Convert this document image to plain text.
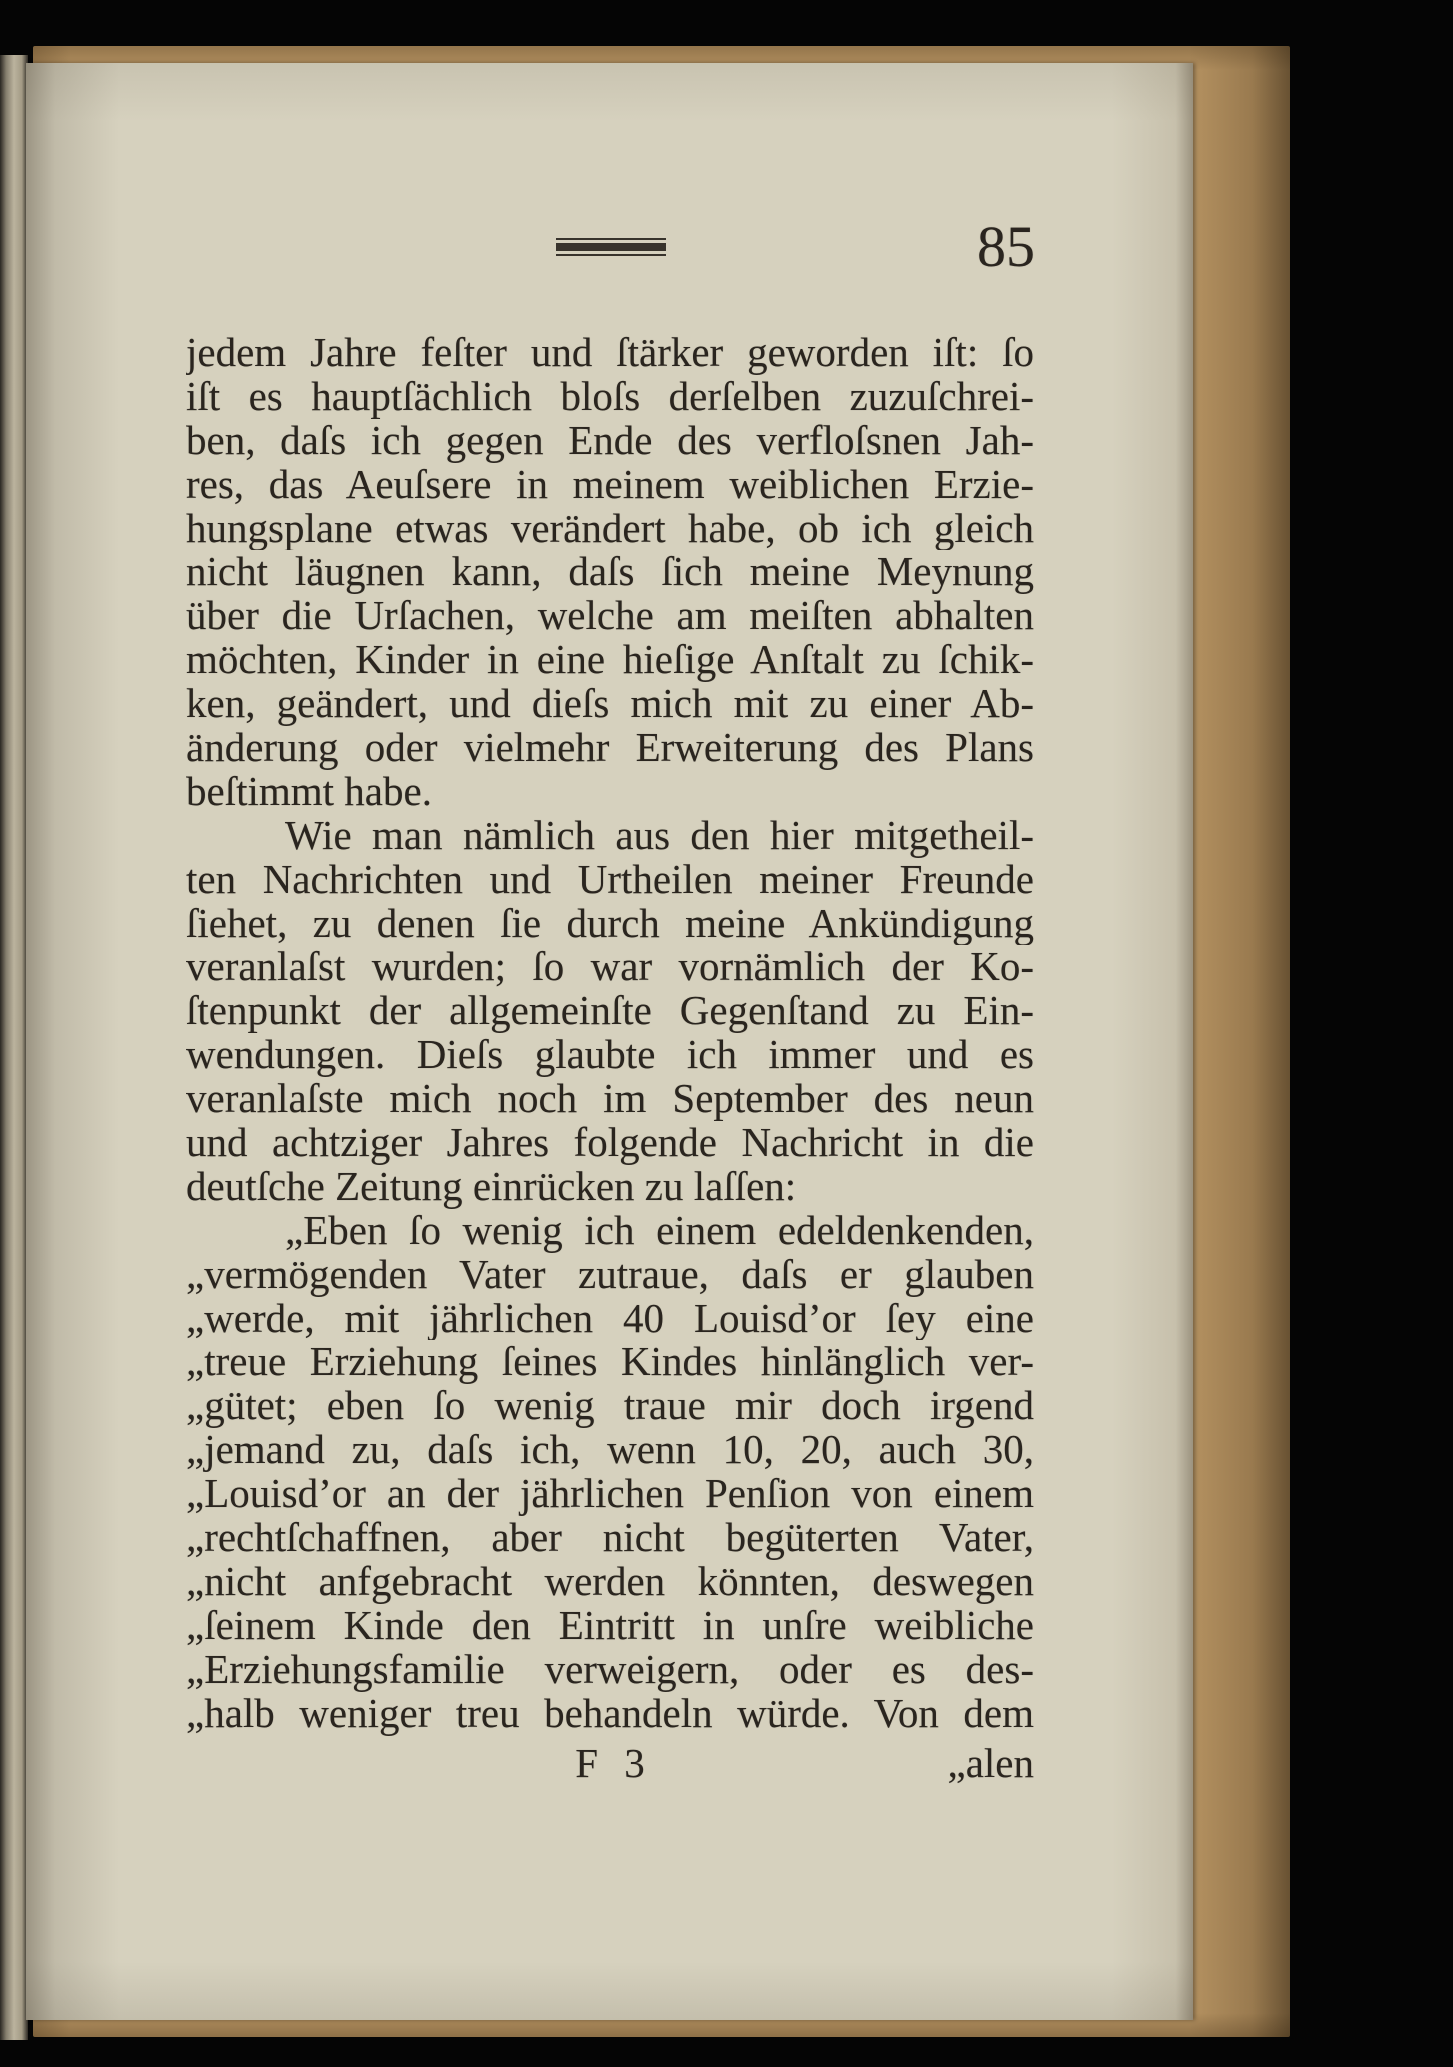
85
jedem Jahre feſter und ſtärker geworden iſt: ſo
iſt es hauptſächlich bloſs derſelben zuzuſchrei-
ben, daſs ich gegen Ende des verfloſsnen Jah-
res, das Aeuſsere in meinem weiblichen Erzie-
hungsplane etwas verändert habe, ob ich gleich
nicht läugnen kann, daſs ſich meine Meynung
über die Urſachen, welche am meiſten abhalten
möchten, Kinder in eine hieſige Anſtalt zu ſchik-
ken, geändert, und dieſs mich mit zu einer Ab-
änderung oder vielmehr Erweiterung des Plans
beſtimmt habe.
Wie man nämlich aus den hier mitgetheil-
ten Nachrichten und Urtheilen meiner Freunde
ſiehet, zu denen ſie durch meine Ankündigung
veranlaſst wurden; ſo war vornämlich der Ko-
ſtenpunkt der allgemeinſte Gegenſtand zu Ein-
wendungen. Dieſs glaubte ich immer und es
veranlaſste mich noch im September des neun
und achtziger Jahres folgende Nachricht in die
deutſche Zeitung einrücken zu laſſen:
„Eben ſo wenig ich einem edeldenkenden,
„vermögenden Vater zutraue, daſs er glauben
„werde, mit jährlichen 40 Louisd’or ſey eine
„treue Erziehung ſeines Kindes hinlänglich ver-
„gütet; eben ſo wenig traue mir doch irgend
„jemand zu, daſs ich, wenn 10, 20, auch 30,
„Louisd’or an der jährlichen Penſion von einem
„rechtſchaffnen, aber nicht begüterten Vater,
„nicht anfgebracht werden könnten, deswegen
„ſeinem Kinde den Eintritt in unſre weibliche
„Erziehungsfamilie verweigern, oder es des-
„halb weniger treu behandeln würde. Von dem
F 3	„alen
